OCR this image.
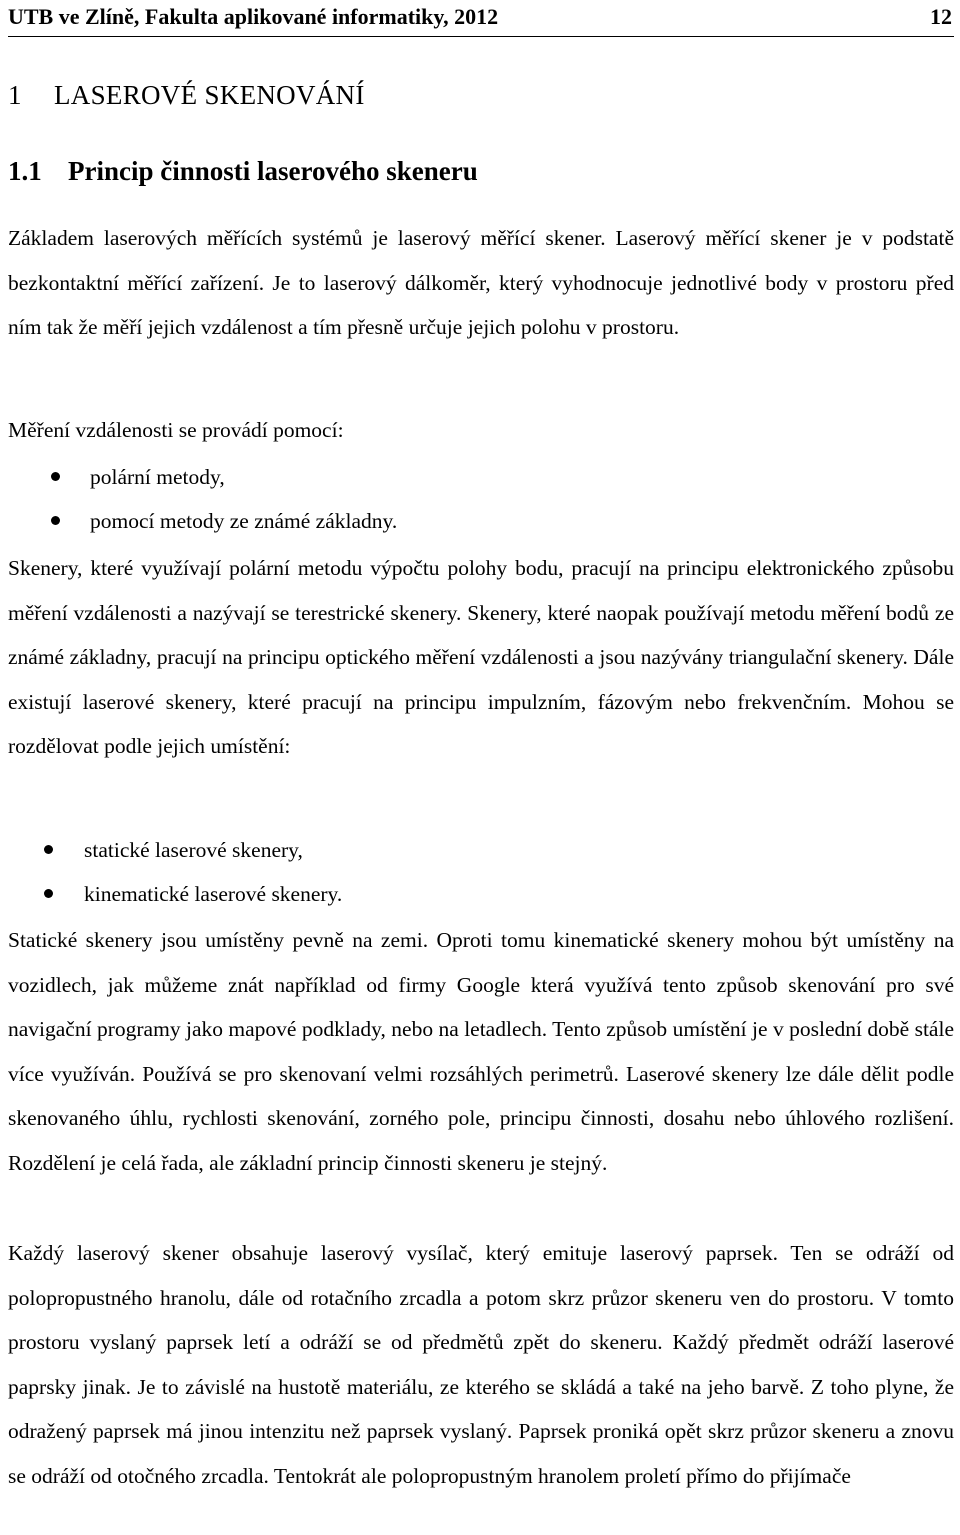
UTB ve Zlíně, Fakulta aplikované informatiky, 2012	12
1 LASEROVÉ SKENOVÁNÍ
1.1 Princip činnosti laserového skeneru

Základem laserových měřících systémů je laserový měřící skener. Laserový měřící skener je v podstatě bezkontaktní měřící zařízení. Je to laserový dálkoměr, který vyhodnocuje jednotlivé body v prostoru před ním tak že měří jejich vzdálenost a tím přesně určuje jejich polohu v prostoru.

Měření vzdálenosti se provádí pomocí:

polární metody,
pomocí metody ze známé základny.

Skenery, které využívají polární metodu výpočtu polohy bodu, pracují na principu elektronického způsobu měření vzdálenosti a nazývají se terestrické skenery. Skenery, které naopak používají metodu měření bodů ze známé základny, pracují na principu optického měření vzdálenosti a jsou nazývány triangulační skenery. Dále existují laserové skenery, které pracují na principu impulzním, fázovým nebo frekvenčním. Mohou se rozdělovat podle jejich umístění:

statické laserové skenery,
kinematické laserové skenery.

Statické skenery jsou umístěny pevně na zemi. Oproti tomu kinematické skenery mohou být umístěny na vozidlech, jak můžeme znát například od firmy Google která využívá tento způsob skenování pro své navigační programy jako mapové podklady, nebo na letadlech. Tento způsob umístění je v poslední době stále více využíván. Používá se pro skenovaní velmi rozsáhlých perimetrů. Laserové skenery lze dále dělit podle skenovaného úhlu, rychlosti skenování, zorného pole, principu činnosti, dosahu nebo úhlového rozlišení. Rozdělení je celá řada, ale základní princip činnosti skeneru je stejný.

Každý laserový skener obsahuje laserový vysílač, který emituje laserový paprsek. Ten se odráží od polopropustného hranolu, dále od rotačního zrcadla a potom skrz průzor skeneru ven do prostoru. V tomto prostoru vyslaný paprsek letí a odráží se od předmětů zpět do skeneru. Každý předmět odráží laserové paprsky jinak. Je to závislé na hustotě materiálu, ze kterého se skládá a také na jeho barvě. Z toho plyne, že odražený paprsek má jinou intenzitu než paprsek vyslaný. Paprsek proniká opět skrz průzor skeneru a znovu se odráží od otočného zrcadla. Tentokrát ale polopropustným hranolem proletí přímo do přijímače
